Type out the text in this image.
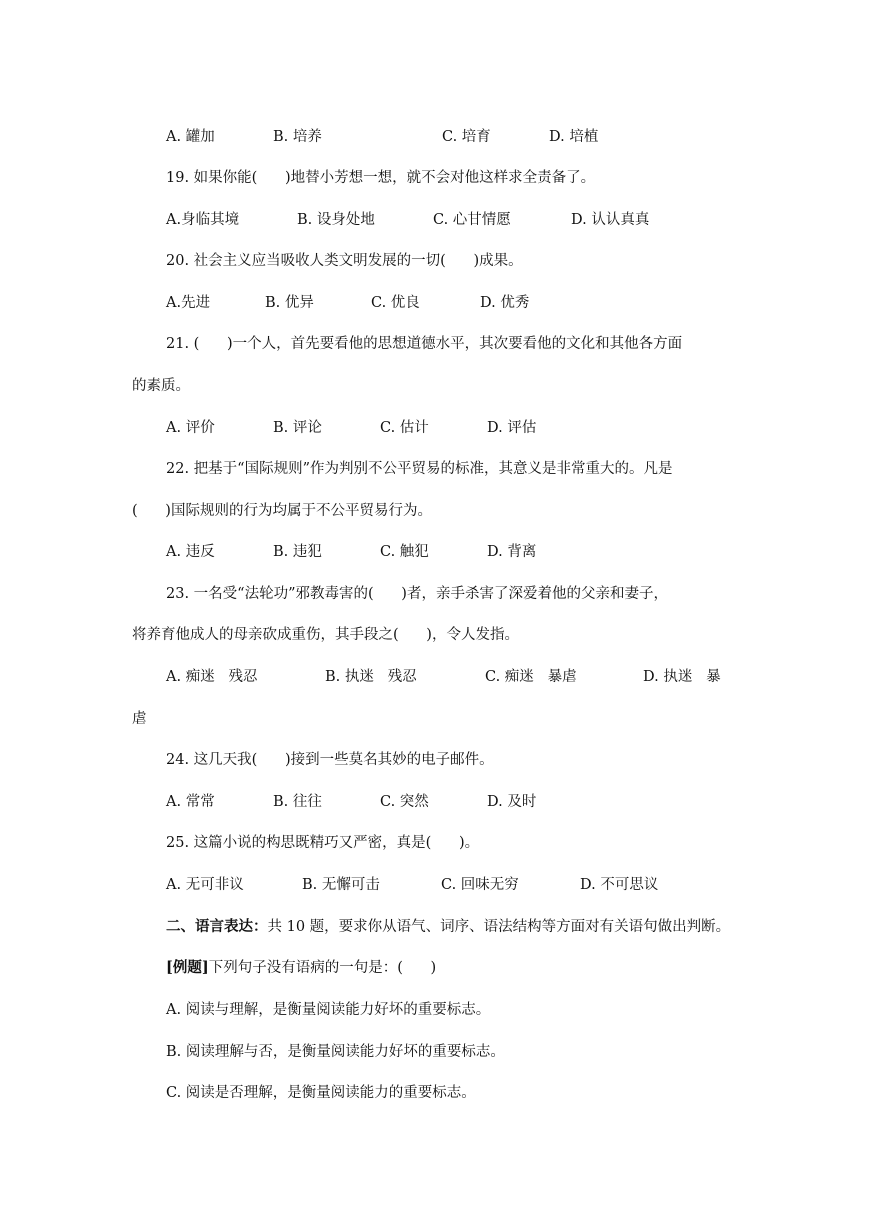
A. 罐加	B. 培养	C. 培育	D. 培植
19. 如果你能(      )地替小芳想一想，就不会对他这样求全责备了。
A.身临其境	B. 设身处地	C. 心甘情愿	D. 认认真真
20. 社会主义应当吸收人类文明发展的一切(      )成果。
A.先进	B. 优异	C. 优良	D. 优秀
21. (      )一个人，首先要看他的思想道德水平，其次要看他的文化和其他各方面
的素质。
A. 评价	B. 评论	C. 估计	D. 评估
22. 把基于“国际规则”作为判别不公平贸易的标准，其意义是非常重大的。凡是
(      )国际规则的行为均属于不公平贸易行为。
A. 违反	B. 违犯	C. 触犯	D. 背离
23. 一名受“法轮功”邪教毒害的(      )者，亲手杀害了深爱着他的父亲和妻子，
将养育他成人的母亲砍成重伤，其手段之(      )，令人发指。
A. 痴迷   残忍	B. 执迷   残忍	C. 痴迷   暴虐	D. 执迷   暴
虐
24. 这几天我(      )接到一些莫名其妙的电子邮件。
A. 常常	B. 往往	C. 突然	D. 及时
25. 这篇小说的构思既精巧又严密，真是(      )。
A. 无可非议	B. 无懈可击	C. 回味无穷	D. 不可思议
二、语言表达：共 10 题，要求你从语气、词序、语法结构等方面对有关语句做出判断。
[例题]下列句子没有语病的一句是：(      )
A. 阅读与理解，是衡量阅读能力好坏的重要标志。
B. 阅读理解与否，是衡量阅读能力好坏的重要标志。
C. 阅读是否理解，是衡量阅读能力的重要标志。
